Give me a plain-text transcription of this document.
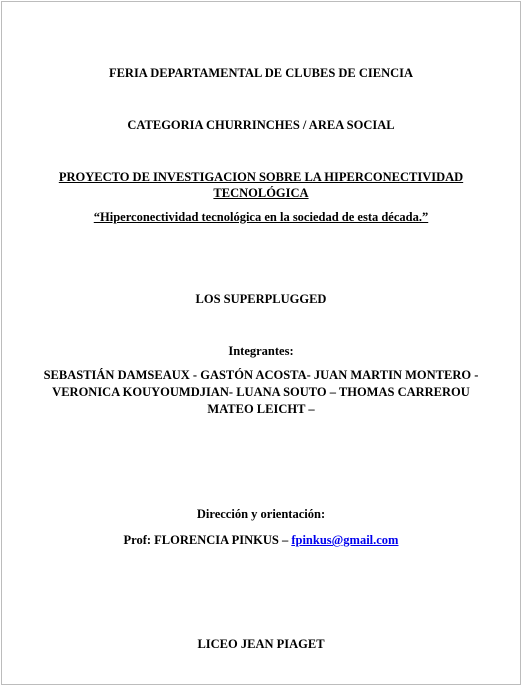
FERIA DEPARTAMENTAL DE CLUBES DE CIENCIA
CATEGORIA CHURRINCHES / AREA SOCIAL
PROYECTO DE INVESTIGACION SOBRE LA HIPERCONECTIVIDAD
TECNOLÓGICA
“Hiperconectividad tecnológica en la sociedad de esta década.”
LOS SUPERPLUGGED
Integrantes:
SEBASTIÁN DAMSEAUX - GASTÓN ACOSTA- JUAN MARTIN MONTERO -
VERONICA KOUYOUMDJIAN- LUANA SOUTO – THOMAS CARREROU
MATEO LEICHT –
Dirección y orientación:
Prof: FLORENCIA PINKUS – fpinkus@gmail.com
LICEO JEAN PIAGET
